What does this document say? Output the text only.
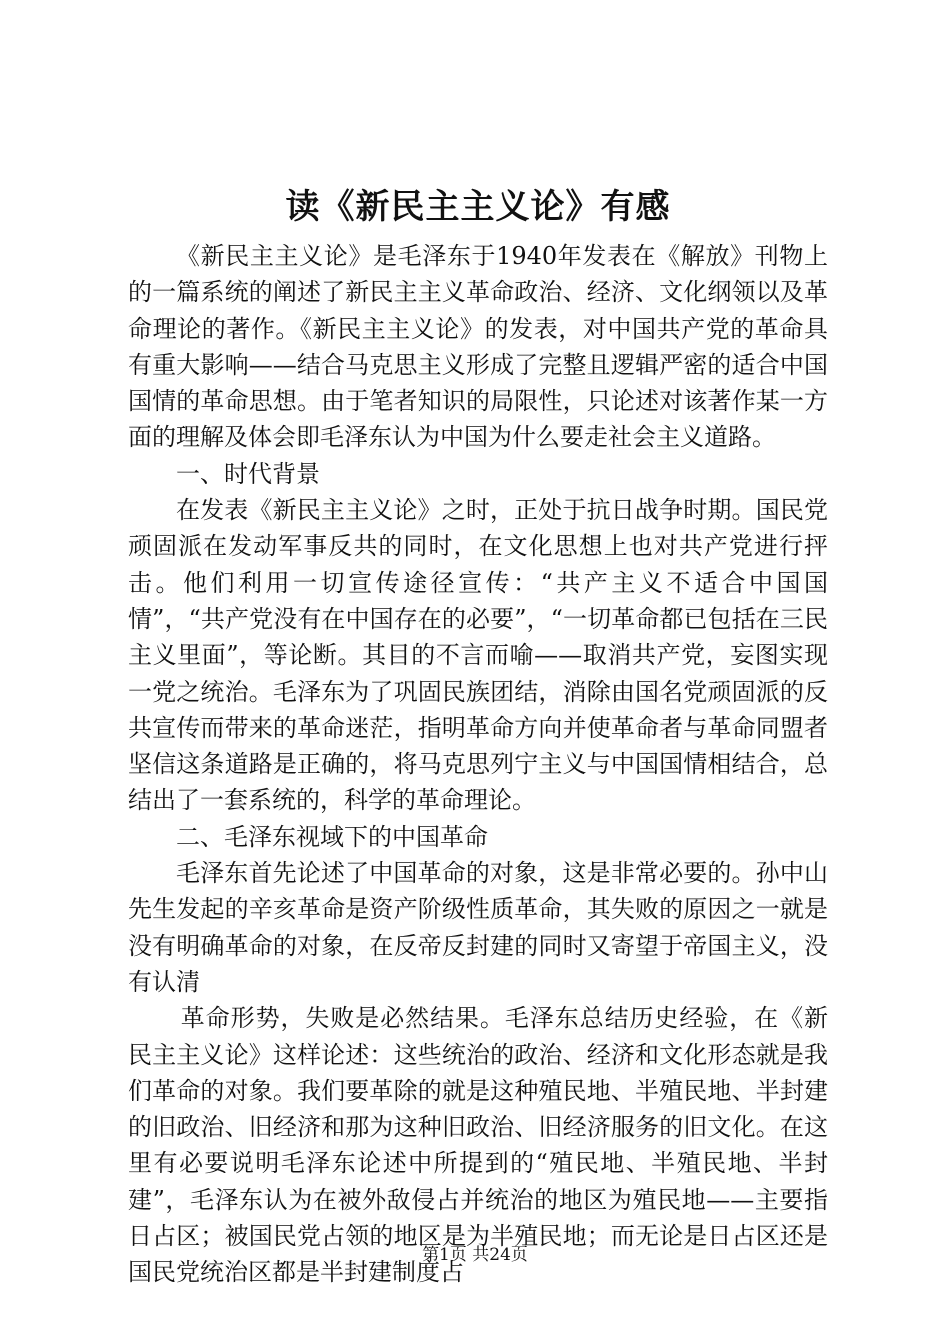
读《新民主主义论》有感

《新民主主义论》是毛泽东于1940年发表在《解放》刊物上的一篇系统的阐述了新民主主义革命政治、经济、文化纲领以及革命理论的著作。《新民主主义论》的发表，对中国共产党的革命具有重大影响——结合马克思主义形成了完整且逻辑严密的适合中国国情的革命思想。由于笔者知识的局限性，只论述对该著作某一方面的理解及体会即毛泽东认为中国为什么要走社会主义道路。

一、时代背景

在发表《新民主主义论》之时，正处于抗日战争时期。国民党顽固派在发动军事反共的同时，在文化思想上也对共产党进行抨击。他们利用一切宣传途径宣传：“共产主义不适合中国国情”，“共产党没有在中国存在的必要”，“一切革命都已包括在三民主义里面”，等论断。其目的不言而喻——取消共产党，妄图实现一党之统治。毛泽东为了巩固民族团结，消除由国名党顽固派的反共宣传而带来的革命迷茫，指明革命方向并使革命者与革命同盟者坚信这条道路是正确的，将马克思列宁主义与中国国情相结合，总结出了一套系统的，科学的革命理论。

二、毛泽东视域下的中国革命

毛泽东首先论述了中国革命的对象，这是非常必要的。孙中山先生发起的辛亥革命是资产阶级性质革命，其失败的原因之一就是没有明确革命的对象，在反帝反封建的同时又寄望于帝国主义，没有认清

革命形势，失败是必然结果。毛泽东总结历史经验，在《新民主主义论》这样论述：这些统治的政治、经济和文化形态就是我们革命的对象。我们要革除的就是这种殖民地、半殖民地、半封建的旧政治、旧经济和那为这种旧政治、旧经济服务的旧文化。在这里有必要说明毛泽东论述中所提到的“殖民地、半殖民地、半封建”，毛泽东认为在被外敌侵占并统治的地区为殖民地——主要指日占区；被国民党占领的地区是为半殖民地；而无论是日占区还是国民党统治区都是半封建制度占

第1页 共24页
